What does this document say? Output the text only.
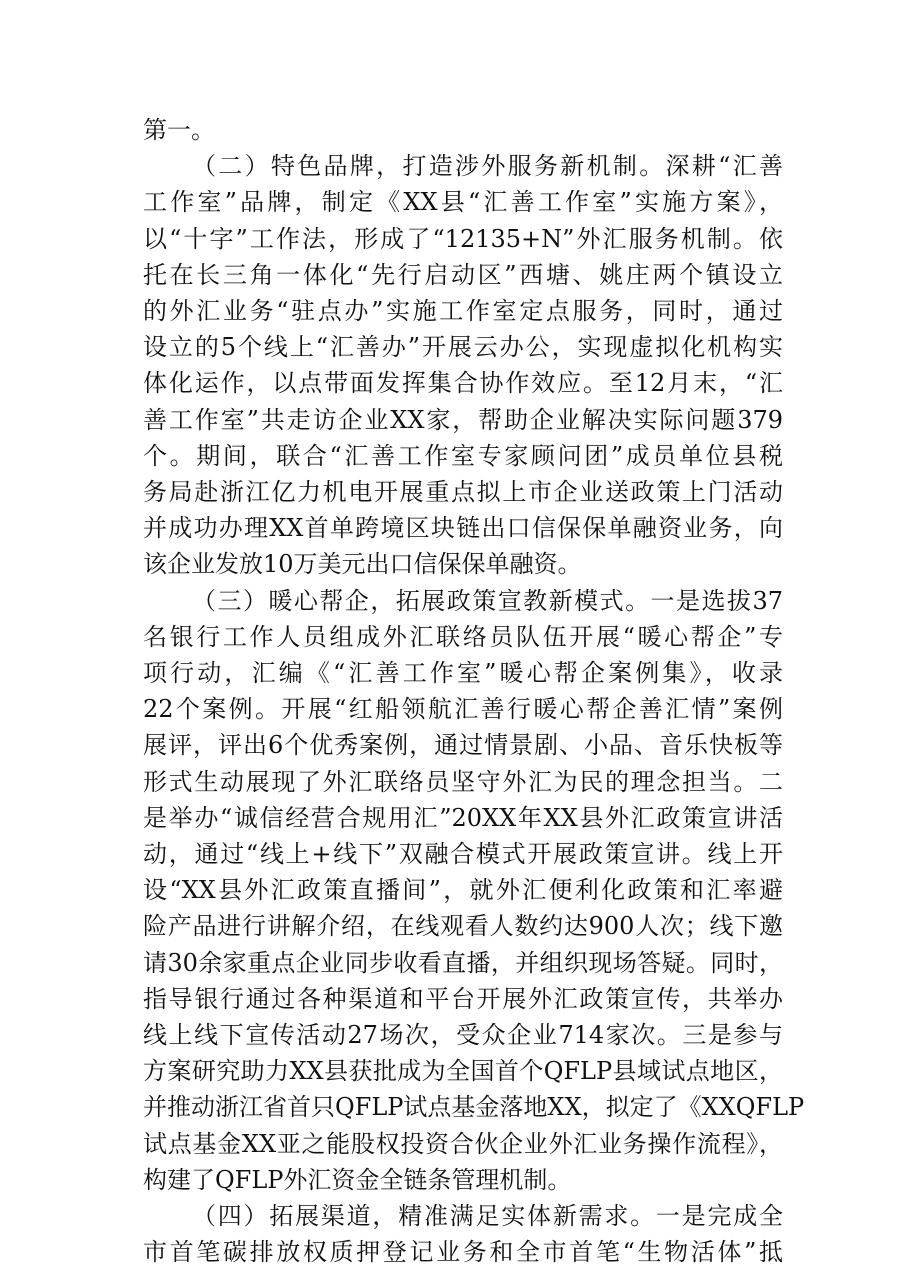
第一。
（二）特色品牌，打造涉外服务新机制。深耕“汇善
工作室”品牌，制定《XX县“汇善工作室”实施方案》，
以“十字”工作法，形成了“12135+N”外汇服务机制。依
托在长三角一体化“先行启动区”西塘、姚庄两个镇设立
的外汇业务“驻点办”实施工作室定点服务，同时，通过
设立的5个线上“汇善办”开展云办公，实现虚拟化机构实
体化运作，以点带面发挥集合协作效应。至12月末，“汇
善工作室”共走访企业XX家，帮助企业解决实际问题379
个。期间，联合“汇善工作室专家顾问团”成员单位县税
务局赴浙江亿力机电开展重点拟上市企业送政策上门活动
并成功办理XX首单跨境区块链出口信保保单融资业务，向
该企业发放10万美元出口信保保单融资。
（三）暖心帮企，拓展政策宣教新模式。一是选拔37
名银行工作人员组成外汇联络员队伍开展“暖心帮企”专
项行动，汇编《“汇善工作室”暖心帮企案例集》，收录
22个案例。开展“红船领航汇善行暖心帮企善汇情”案例
展评，评出6个优秀案例，通过情景剧、小品、音乐快板等
形式生动展现了外汇联络员坚守外汇为民的理念担当。二
是举办“诚信经营合规用汇”20XX年XX县外汇政策宣讲活
动，通过“线上+线下”双融合模式开展政策宣讲。线上开
设“XX县外汇政策直播间”，就外汇便利化政策和汇率避
险产品进行讲解介绍，在线观看人数约达900人次；线下邀
请30余家重点企业同步收看直播，并组织现场答疑。同时，
指导银行通过各种渠道和平台开展外汇政策宣传，共举办
线上线下宣传活动27场次，受众企业714家次。三是参与
方案研究助力XX县获批成为全国首个QFLP县域试点地区，
并推动浙江省首只QFLP试点基金落地XX，拟定了《XXQFLP
试点基金XX亚之能股权投资合伙企业外汇业务操作流程》，
构建了QFLP外汇资金全链条管理机制。
（四）拓展渠道，精准满足实体新需求。一是完成全
市首笔碳排放权质押登记业务和全市首笔“生物活体”抵
